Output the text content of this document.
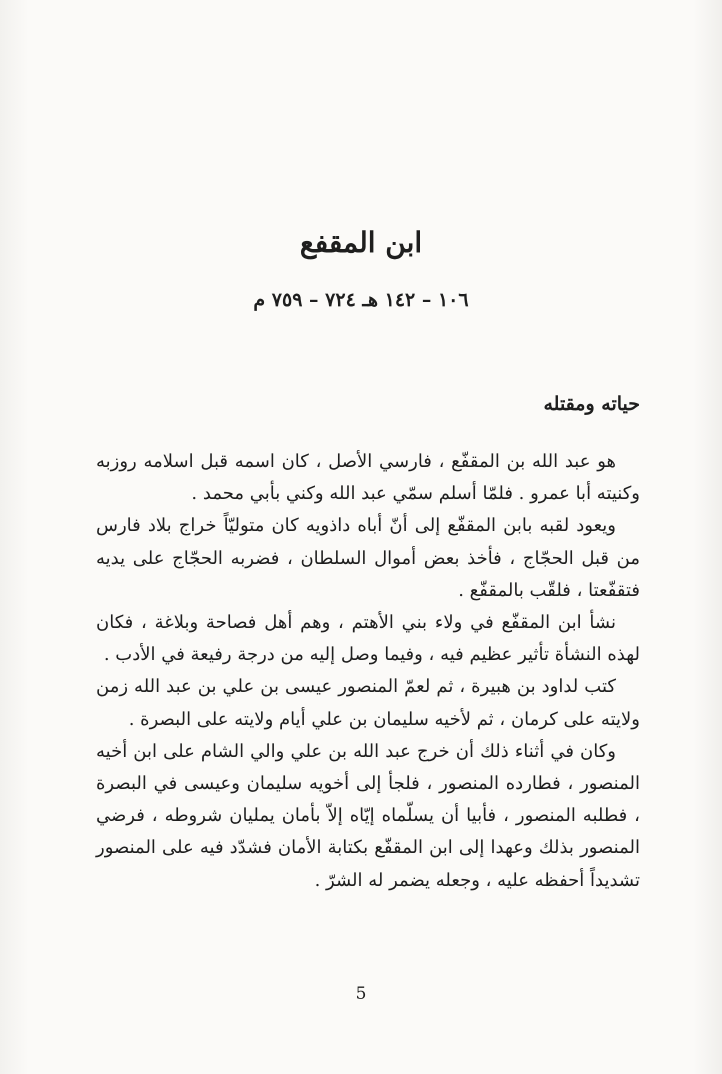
ابن المقفع
١٠٦ – ١٤٢ هـ ٧٢٤ – ٧٥٩ م
حياته ومقتله

هو عبد الله بن المقفّع ، فارسي الأصل ، كان اسمه قبل اسلامه روزبه وكنيته أبا عمرو . فلمّا أسلم سمّي عبد الله وكني بأبي محمد .

ويعود لقبه بابن المقفّع إلى أنّ أباه داذويه كان متوليّاً خراج بلاد فارس من قبل الحجّاج ، فأخذ بعض أموال السلطان ، فضربه الحجّاج على يديه فتقفّعتا ، فلقّب بالمقفّع .

نشأ ابن المقفّع في ولاء بني الأهتم ، وهم أهل فصاحة وبلاغة ، فكان لهذه النشأة تأثير عظيم فيه ، وفيما وصل إليه من درجة رفيعة في الأدب .

كتب لداود بن هبيرة ، ثم لعمّ المنصور عيسى بن علي بن عبد الله زمن ولايته على كرمان ، ثم لأخيه سليمان بن علي أيام ولايته على البصرة .

وكان في أثناء ذلك أن خرج عبد الله بن علي والي الشام على ابن أخيه المنصور ، فطارده المنصور ، فلجأ إلى أخويه سليمان وعيسى في البصرة ، فطلبه المنصور ، فأبيا أن يسلّماه إيّاه إلاّ بأمان يمليان شروطه ، فرضي المنصور بذلك وعهدا إلى ابن المقفّع بكتابة الأمان فشدّد فيه على المنصور تشديداً أحفظه عليه ، وجعله يضمر له الشرّ .

5
